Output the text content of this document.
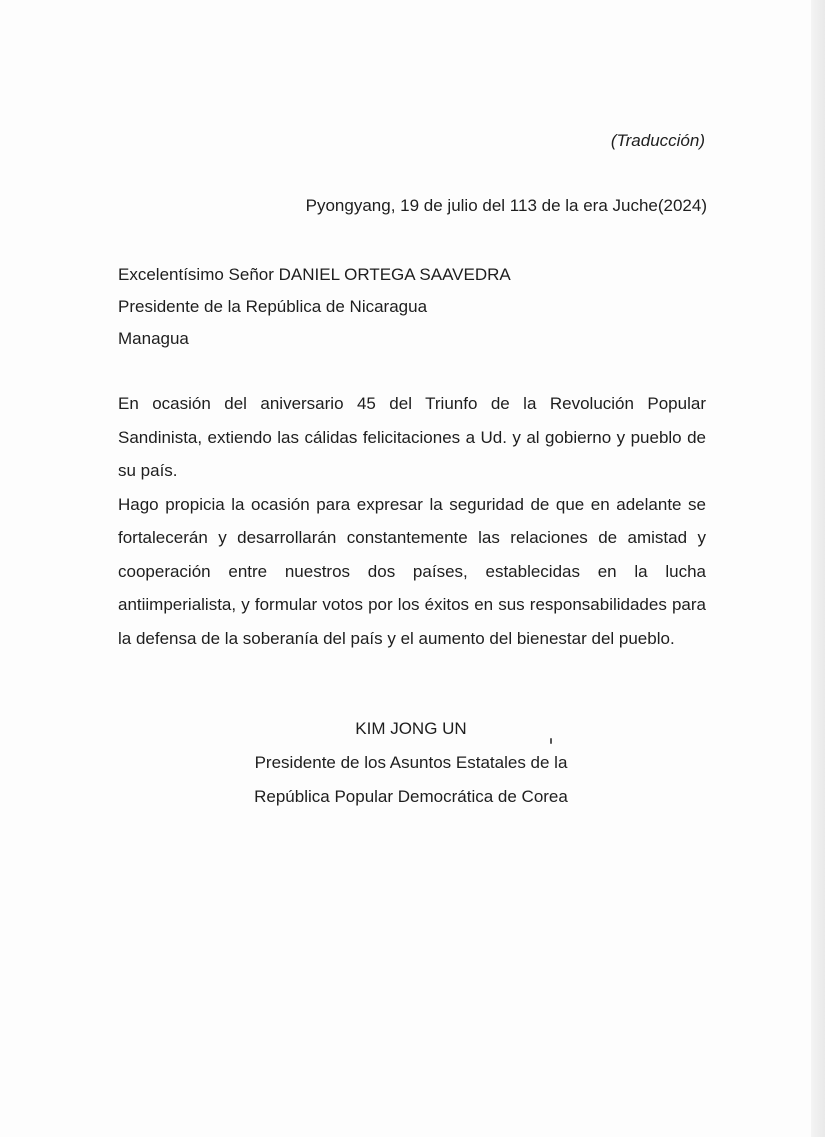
(Traducción)
Pyongyang, 19 de julio del 113 de la era Juche(2024)
Excelentísimo Señor DANIEL ORTEGA SAAVEDRA
Presidente de la República de Nicaragua
Managua

En ocasión del aniversario 45 del Triunfo de la Revolución Popular Sandinista, extiendo las cálidas felicitaciones a Ud. y al gobierno y pueblo de su país.

Hago propicia la ocasión para expresar la seguridad de que en adelante se fortalecerán y desarrollarán constantemente las relaciones de amistad y cooperación entre nuestros dos países, establecidas en la lucha antiimperialista, y formular votos por los éxitos en sus responsabilidades para la defensa de la soberanía del país y el aumento del bienestar del pueblo.

KIM JONG UN
Presidente de los Asuntos Estatales de la
República Popular Democrática de Corea
